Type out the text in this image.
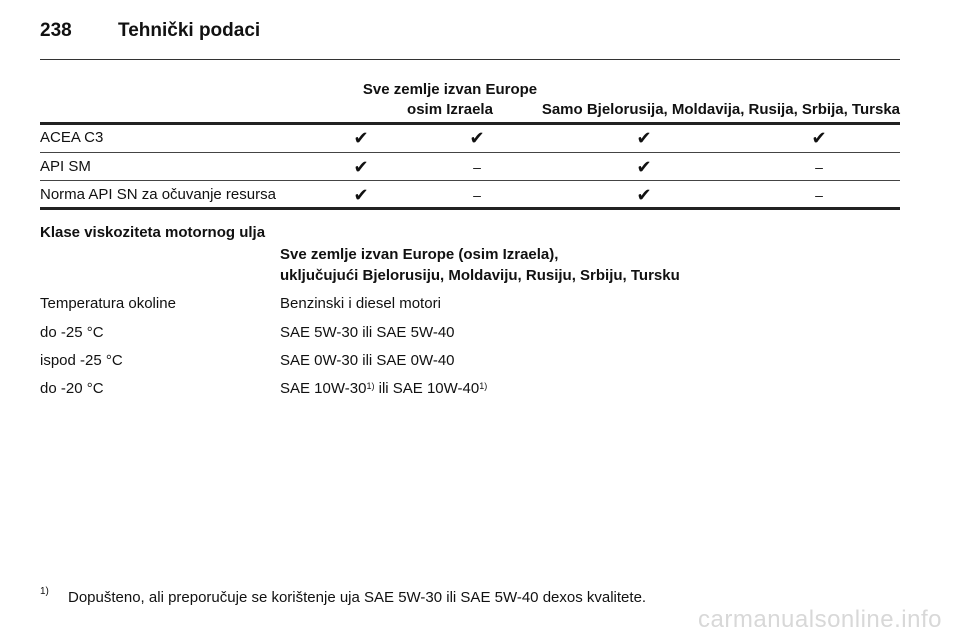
238 Tehnički podaci
Sve zemlje izvan Europe
osim Izraela	Samo Bjelorusija, Moldavija, Rusija, Srbija, Turska
ACEA C3	✔	✔	✔	✔
API SM	✔	–	✔	–
Norma API SN za očuvanje resursa	✔	–	✔	–
Klase viskoziteta motornog ulja
Sve zemlje izvan Europe (osim Izraela),
uključujući Bjelorusiju, Moldaviju, Rusiju, Srbiju, Tursku
Temperatura okoline	Benzinski i diesel motori
do -25 °C	SAE 5W-30 ili SAE 5W-40
ispod -25 °C	SAE 0W-30 ili SAE 0W-40
do -20 °C	SAE 10W-30$^{1)}$ ili SAE 10W-40$^{1)}$
1) Dopušteno, ali preporučuje se korištenje uja SAE 5W-30 ili SAE 5W-40 dexos kvalitete.
carmanualsonline.info
